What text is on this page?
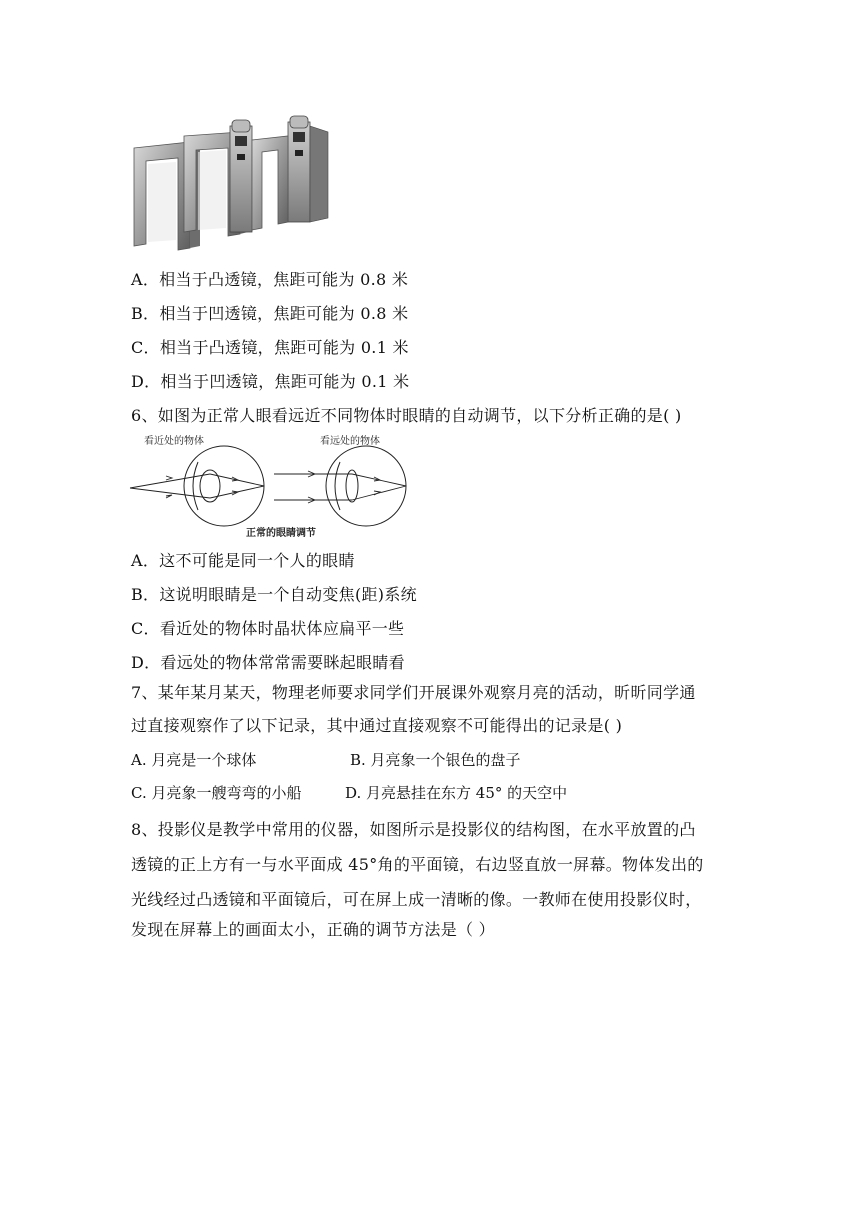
A．相当于凸透镜，焦距可能为 0.8 米
B．相当于凹透镜，焦距可能为 0.8 米
C．相当于凸透镜，焦距可能为 0.1 米
D．相当于凹透镜，焦距可能为 0.1 米
6、如图为正常人眼看远近不同物体时眼睛的自动调节，以下分析正确的是( )
看近处的物体	看远处的物体
正常的眼睛调节
A．这不可能是同一个人的眼睛
B．这说明眼睛是一个自动变焦(距)系统
C．看近处的物体时晶状体应扁平一些
D．看远处的物体常常需要眯起眼睛看
7、某年某月某天，物理老师要求同学们开展课外观察月亮的活动，昕昕同学通
过直接观察作了以下记录，其中通过直接观察不可能得出的记录是( )
A. 月亮是一个球体	B. 月亮象一个银色的盘子
C. 月亮象一艘弯弯的小船	D. 月亮悬挂在东方 45° 的天空中
8、投影仪是教学中常用的仪器，如图所示是投影仪的结构图，在水平放置的凸
透镜的正上方有一与水平面成 45°角的平面镜，右边竖直放一屏幕。物体发出的
光线经过凸透镜和平面镜后，可在屏上成一清晰的像。一教师在使用投影仪时，
发现在屏幕上的画面太小，正确的调节方法是（ ）
